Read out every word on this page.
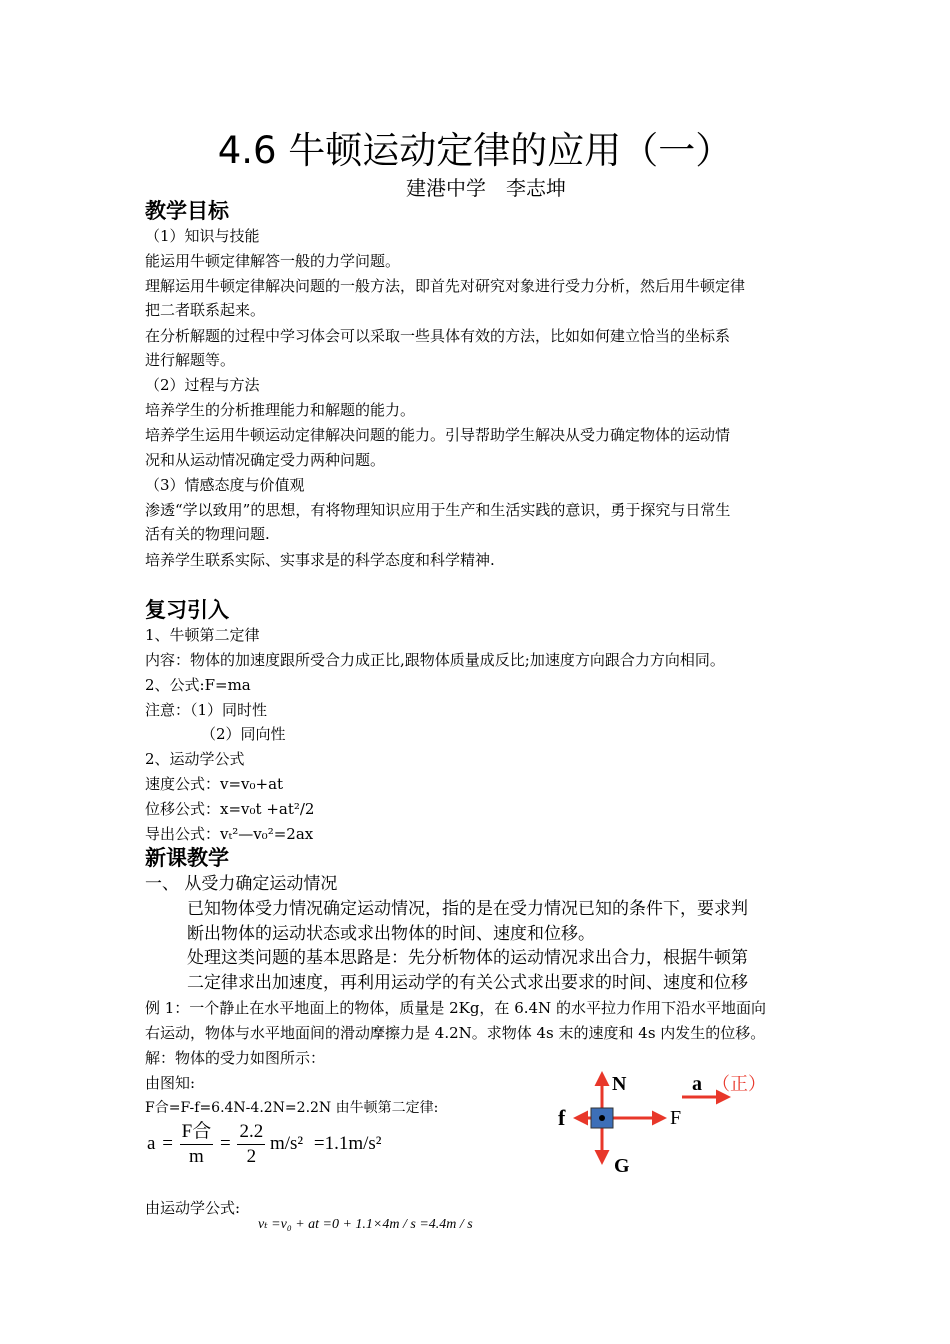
4.6 牛顿运动定律的应用（一）
建港中学　李志坤
教学目标
（1）知识与技能
能运用牛顿定律解答一般的力学问题。
理解运用牛顿定律解决问题的一般方法，即首先对研究对象进行受力分析，然后用牛顿定律
把二者联系起来。
在分析解题的过程中学习体会可以采取一些具体有效的方法，比如如何建立恰当的坐标系
进行解题等。
（2）过程与方法
培养学生的分析推理能力和解题的能力。
培养学生运用牛顿运动定律解决问题的能力。引导帮助学生解决从受力确定物体的运动情
况和从运动情况确定受力两种问题。
（3）情感态度与价值观
渗透“学以致用”的思想，有将物理知识应用于生产和生活实践的意识，勇于探究与日常生
活有关的物理问题.
培养学生联系实际、实事求是的科学态度和科学精神.
复习引入
1、牛顿第二定律
内容：物体的加速度跟所受合力成正比,跟物体质量成反比;加速度方向跟合力方向相同。
2、公式:F=ma
注意：（1）同时性
（2）同向性
2、运动学公式
速度公式：v=v₀+at
位移公式：x=v₀t +at²/2
导出公式：vₜ²—v₀²=2ax
新课教学
一、 从受力确定运动情况
已知物体受力情况确定运动情况，指的是在受力情况已知的条件下，要求判
断出物体的运动状态或求出物体的时间、速度和位移。
处理这类问题的基本思路是：先分析物体的运动情况求出合力，根据牛顿第
二定律求出加速度，再利用运动学的有关公式求出要求的时间、速度和位移
例 1：一个静止在水平地面上的物体，质量是 2Kg，在 6.4N 的水平拉力作用下沿水平地面向
右运动，物体与水平地面间的滑动摩擦力是 4.2N。求物体 4s 末的速度和 4s 内发生的位移。
解：物体的受力如图所示：
由图知:
F合=F-f=6.4N-4.2N=2.2N 由牛顿第二定律:
$a = \frac{\text{F合}}{m} = \frac{2.2}{2} m/s^2 =1.1m/s^2$
由运动学公式:
vₜ =v₀ + at =0 + 1.1×4m / s =4.4m / s
N
G
f	F
a （正）
